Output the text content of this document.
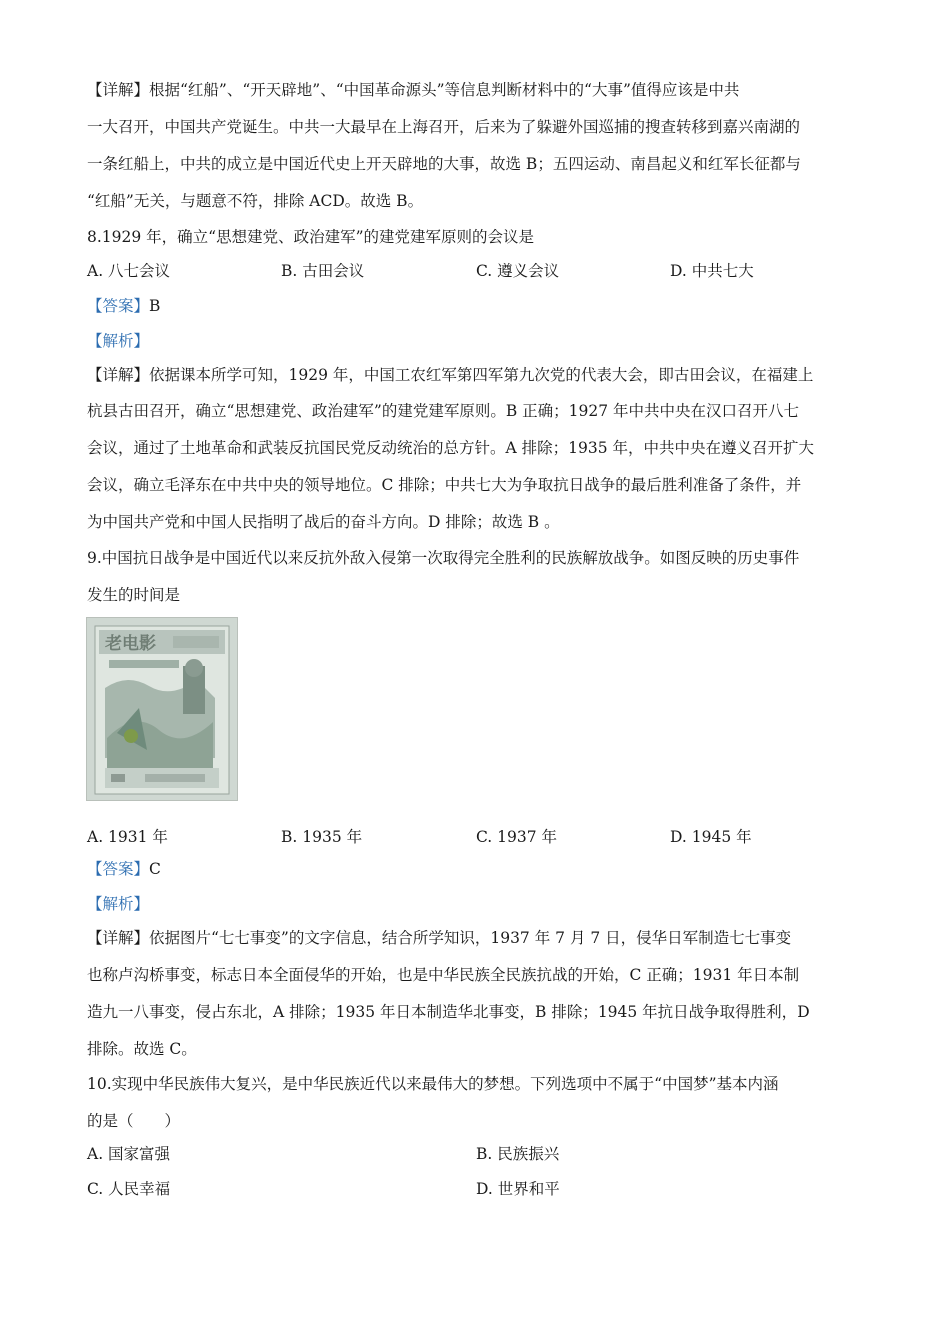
【详解】根据“红船”、“开天辟地”、“中国革命源头”等信息判断材料中的“大事”值得应该是中共
一大召开，中国共产党诞生。中共一大最早在上海召开，后来为了躲避外国巡捕的搜查转移到嘉兴南湖的
一条红船上，中共的成立是中国近代史上开天辟地的大事，故选 B；五四运动、南昌起义和红军长征都与
“红船”无关，与题意不符，排除 ACD。故选 B。
8.1929 年，确立“思想建党、政治建军”的建党建军原则的会议是
A. 八七会议	B. 古田会议	C. 遵义会议	D. 中共七大
【答案】B
【解析】
【详解】依据课本所学可知，1929 年，中国工农红军第四军第九次党的代表大会，即古田会议，在福建上
杭县古田召开，确立“思想建党、政治建军”的建党建军原则。B 正确；1927 年中共中央在汉口召开八七
会议，通过了土地革命和武装反抗国民党反动统治的总方针。A 排除；1935 年，中共中央在遵义召开扩大
会议，确立毛泽东在中共中央的领导地位。C 排除；中共七大为争取抗日战争的最后胜利准备了条件，并
为中国共产党和中国人民指明了战后的奋斗方向。D 排除；故选 B 。
9.中国抗日战争是中国近代以来反抗外敌入侵第一次取得完全胜利的民族解放战争。如图反映的历史事件
发生的时间是
老电影
A. 1931 年	B. 1935 年	C. 1937 年	D. 1945 年
【答案】C
【解析】
【详解】依据图片“七七事变”的文字信息，结合所学知识，1937 年 7 月 7 日，侵华日军制造七七事变
也称卢沟桥事变，标志日本全面侵华的开始，也是中华民族全民族抗战的开始，C 正确；1931 年日本制
造九一八事变，侵占东北，A 排除；1935 年日本制造华北事变，B 排除；1945 年抗日战争取得胜利，D
排除。故选 C。
10.实现中华民族伟大复兴，是中华民族近代以来最伟大的梦想。下列选项中不属于“中国梦”基本内涵
的是（　　）
A. 国家富强	B. 民族振兴
C. 人民幸福	D. 世界和平
